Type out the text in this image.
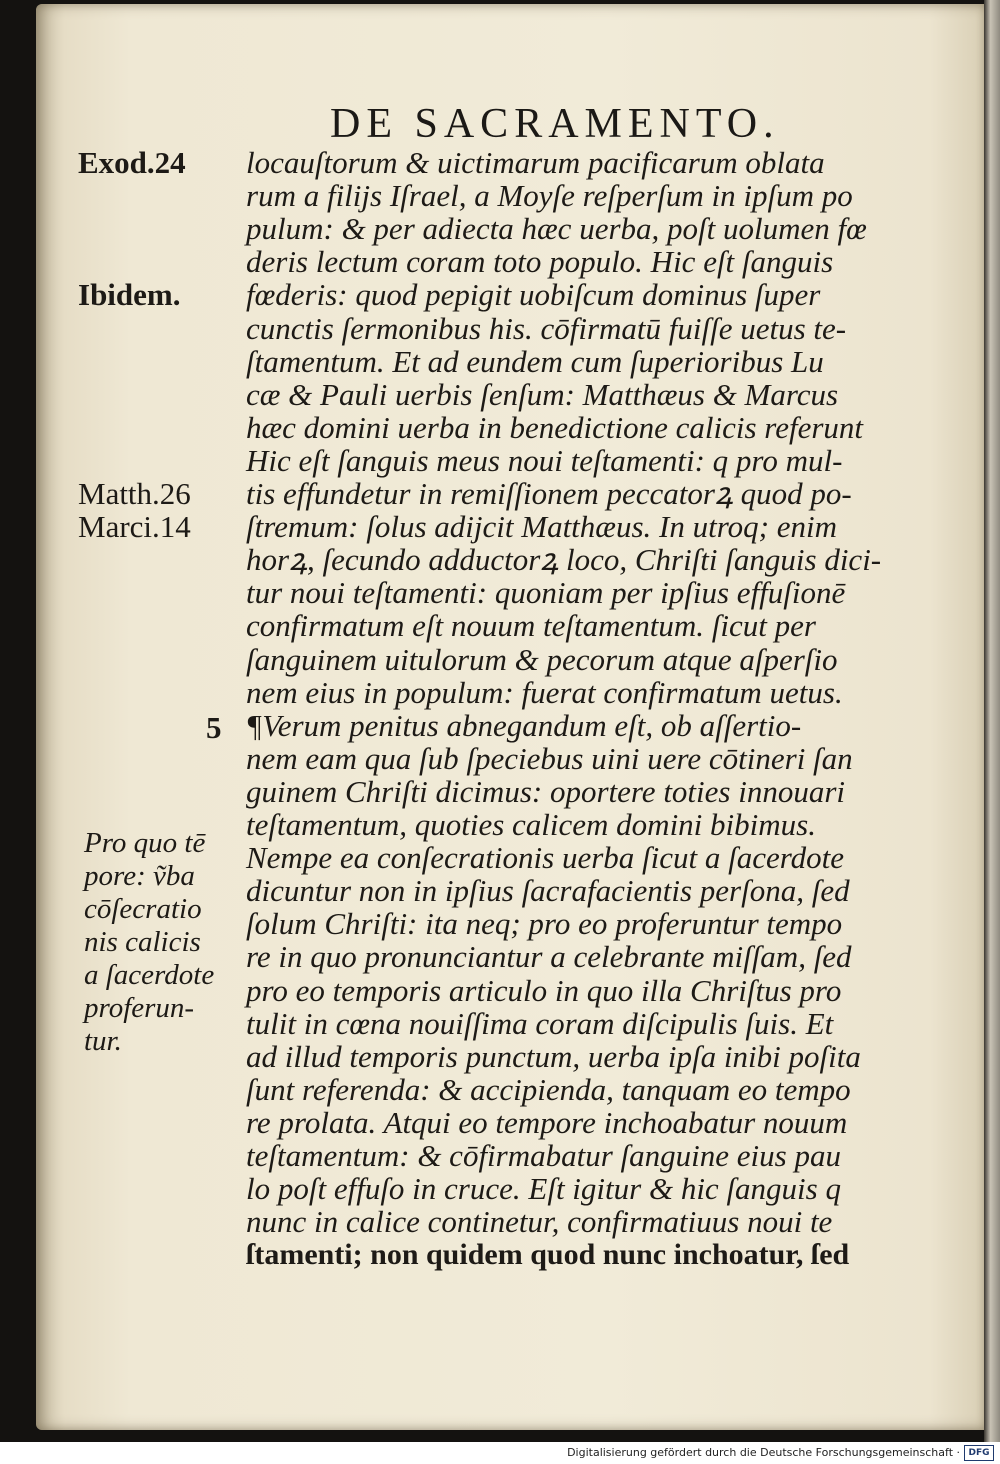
DE SACRAMENTO.
Exod.24
Ibidem.
Matth.26
Marci.14
5
Pro quo tē
pore: ṽba
cōſecratio
nis calicis
a ſacerdote
proferun-
tur.
locauſtorum & uictimarum pacificarum oblata
rum a filijs Iſrael, a Moyſe reſperſum in ipſum po
pulum: & per adiecta hæc uerba, poſt uolumen fœ
deris lectum coram toto populo. Hic eſt ſanguis
fœderis: quod pepigit uobiſcum dominus ſuper
cunctis ſermonibus his. cōfirmatū fuiſſe uetus te-
ſtamentum. Et ad eundem cum ſuperioribus Lu
cæ & Pauli uerbis ſenſum: Matthæus & Marcus
hæc domini uerba in benedictione calicis referunt
Hic eſt ſanguis meus noui teſtamenti: q pro mul-
tis effundetur in remiſſionem peccatorꝝ quod po-
ſtremum: ſolus adijcit Matthæus. In utroq; enim
horꝝ, ſecundo adductorꝝ loco, Chriſti ſanguis dici-
tur noui teſtamenti: quoniam per ipſius effuſionē
confirmatum eſt nouum teſtamentum. ſicut per
ſanguinem uitulorum & pecorum atque aſperſio
nem eius in populum: fuerat confirmatum uetus.
¶Verum penitus abnegandum eſt, ob aſſertio-
nem eam qua ſub ſpeciebus uini uere cōtineri ſan
guinem Chriſti dicimus: oportere toties innouari
teſtamentum, quoties calicem domini bibimus.
Nempe ea conſecrationis uerba ſicut a ſacerdote
dicuntur non in ipſius ſacrafacientis perſona, ſed
ſolum Chriſti: ita neq; pro eo proferuntur tempo
re in quo pronunciantur a celebrante miſſam, ſed
pro eo temporis articulo in quo illa Chriſtus pro
tulit in cœna nouiſſima coram diſcipulis ſuis. Et
ad illud temporis punctum, uerba ipſa inibi poſita
ſunt referenda: & accipienda, tanquam eo tempo
re prolata. Atqui eo tempore inchoabatur nouum
teſtamentum: & cōfirmabatur ſanguine eius pau
lo poſt effuſo in cruce. Eſt igitur & hic ſanguis q
nunc in calice continetur, confirmatiuus noui te
ſtamenti; non quidem quod nunc inchoatur, ſed
Digitalisierung gefördert durch die Deutsche Forschungsgemeinschaft · DFG
